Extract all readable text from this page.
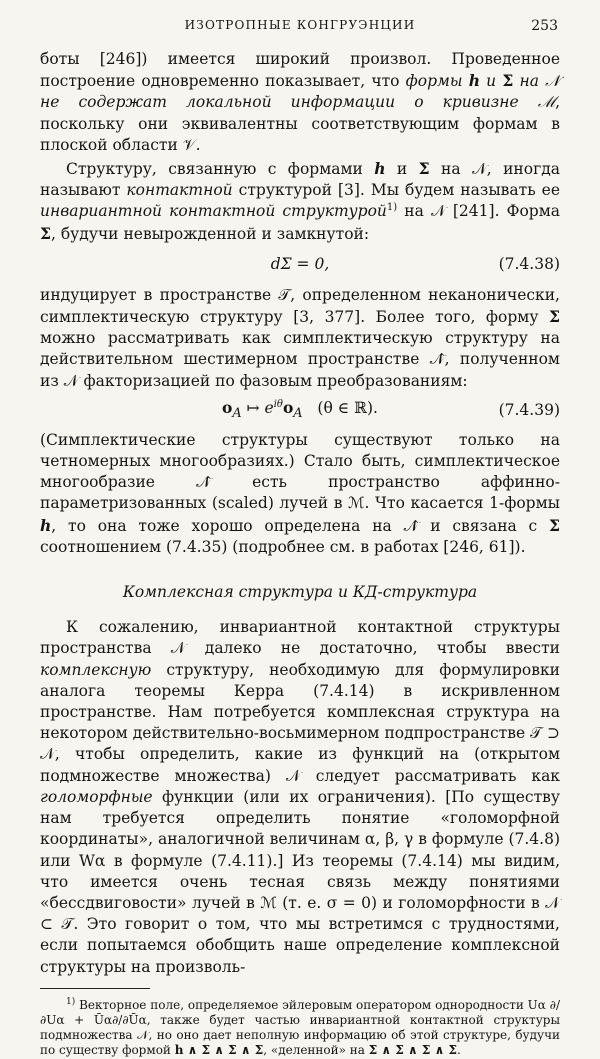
ИЗОТРОПНЫЕ КОНГРУЭНЦИИ	253

боты [246]) имеется широкий произвол. Проведенное построение одновременно показывает, что формы h и Σ на 𝒩 не содержат локальной информации о кривизне ℳ, поскольку они эквивалентны соответствующим формам в плоской области 𝒱.

Структуру, связанную с формами h и Σ на 𝒩, иногда называют контактной структурой [3]. Мы будем называть ее инвариантной контактной структурой$^{1)}$ на 𝒩 [241]. Форма Σ, будучи невырожденной и замкнутой:

dΣ = 0,	(7.4.38)

индуцирует в пространстве 𝒯, определенном неканонически, симплектическую структуру [3, 377]. Более того, форму Σ можно рассматривать как симплектическую структуру на действительном шестимерном пространстве 𝒩̂, полученном из 𝒩 факторизацией по фазовым преобразованиям:

$o_A$ ↦ $e^{i\theta}o_A$   (θ ∈ ℝ).	(7.4.39)

(Симплектические структуры существуют только на четномерных многообразиях.) Стало быть, симплектическое многообразие 𝒩̂ есть пространство аффинно-параметризованных (scaled) лучей в ℳ. Что касается 1-формы h, то она тоже хорошо определена на 𝒩̂ и связана с Σ соотношением (7.4.35) (подробнее см. в работах [246, 61]).

Комплексная структура и КД-структура

К сожалению, инвариантной контактной структуры пространства 𝒩 далеко не достаточно, чтобы ввести комплексную структуру, необходимую для формулировки аналога теоремы Керра (7.4.14) в искривленном пространстве. Нам потребуется комплексная структура на некотором действительно-восьмимерном подпространстве 𝒯 ⊃ 𝒩, чтобы определить, какие из функций на (открытом подмножестве множества) 𝒩 следует рассматривать как голоморфные функции (или их ограничения). [По существу нам требуется определить понятие «голоморфной координаты», аналогичной величинам α, β, γ в формуле (7.4.8) или Wα в формуле (7.4.11).] Из теоремы (7.4.14) мы видим, что имеется очень тесная связь между понятиями «бессдвиговости» лучей в ℳ (т. е. σ = 0) и голоморфности в 𝒩 ⊂ 𝒯. Это говорит о том, что мы встретимся с трудностями, если попытаемся обобщить наше определение комплексной структуры на произволь-

$^{1)}$ Векторное поле, определяемое эйлеровым оператором однородности Uα ∂/∂Uα + Ūα∂/∂Ūα, также будет частью инвариантной контактной структуры подмножества 𝒩, но оно дает неполную информацию об этой структуре, будучи по существу формой h ∧ Σ ∧ Σ ∧ Σ, «деленной» на Σ ∧ Σ ∧ Σ ∧ Σ.
